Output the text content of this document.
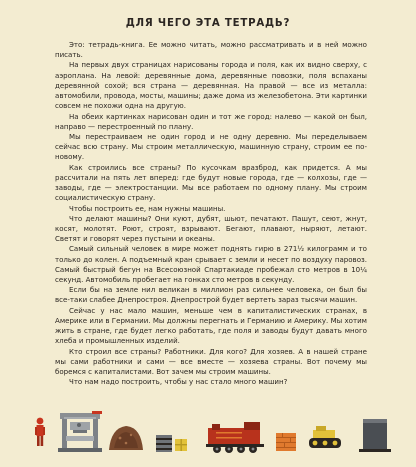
ДЛЯ ЧЕГО ЭТА ТЕТРАДЬ?

Это: тетрадь-книга. Ее можно читать, можно рассматривать и в ней можно писать.

На первых двух страницах нарисованы города и поля, как их видно сверху, с аэроплана. На левой: деревянные дома, деревянные повозки, поля вспаханы деревянной сохой; вся страна — деревянная. На правой — все из металла: автомобили, провода, мосты, машины; даже дома из железобетона. Эти картинки совсем не похожи одна на другую.

На обеих картинках нарисован один и тот же город: налево — какой он был, направо — перестроенный по плану.

Мы перестраиваем не один город и не одну деревню. Мы переделываем сейчас всю страну. Мы строим металлическую, машинную страну, строим ее по-новому.

Как строились все страны? По кусочкам вразброд, как придется. А мы рассчитали на пять лет вперед: где будут новые города, где — колхозы, где — заводы, где — электростанции. Мы все работаем по одному плану. Мы строим социалистическую страну.

Чтобы построить ее, нам нужны машины.

Что делают машины? Они куют, дубят, шьют, печатают. Пашут, сеют, жнут, косят, молотят. Роют, строят, взрывают. Бегают, плавают, ныряют, летают. Светят и говорят через пустыни и океаны.

Самый сильный человек в мире может поднять гирю в 271½ килограмм и то только до колен. А подъемный кран срывает с земли и несет по воздуху паровоз. Самый быстрый бегун на Всесоюзной Спартакиаде пробежал сто метров в 10¼ секунд. Автомобиль пробегает на гонках сто метров в секунду.

Если бы на земле нил великан в миллион раз сильнее человека, он был бы все-таки слабее Днепростроя. Днепрострой будет вертеть зараз тысячи машин.

Сейчас у нас мало машин, меньше чем в капиталистических странах, в Америке или в Германии. Мы должны перегнать и Германию и Америку. Мы хотим жить в стране, где будет легко работать, где поля и заводы будут давать много хлеба и промышленных изделий.

Кто строил все страны? Работники. Для кого? Для хозяев. А в нашей стране мы сами работники и сами — все вместе — хозяева страны. Вот почему мы боремся с капиталистами. Вот зачем мы строим машины.

Что нам надо построить, чтобы у нас стало много машин?
